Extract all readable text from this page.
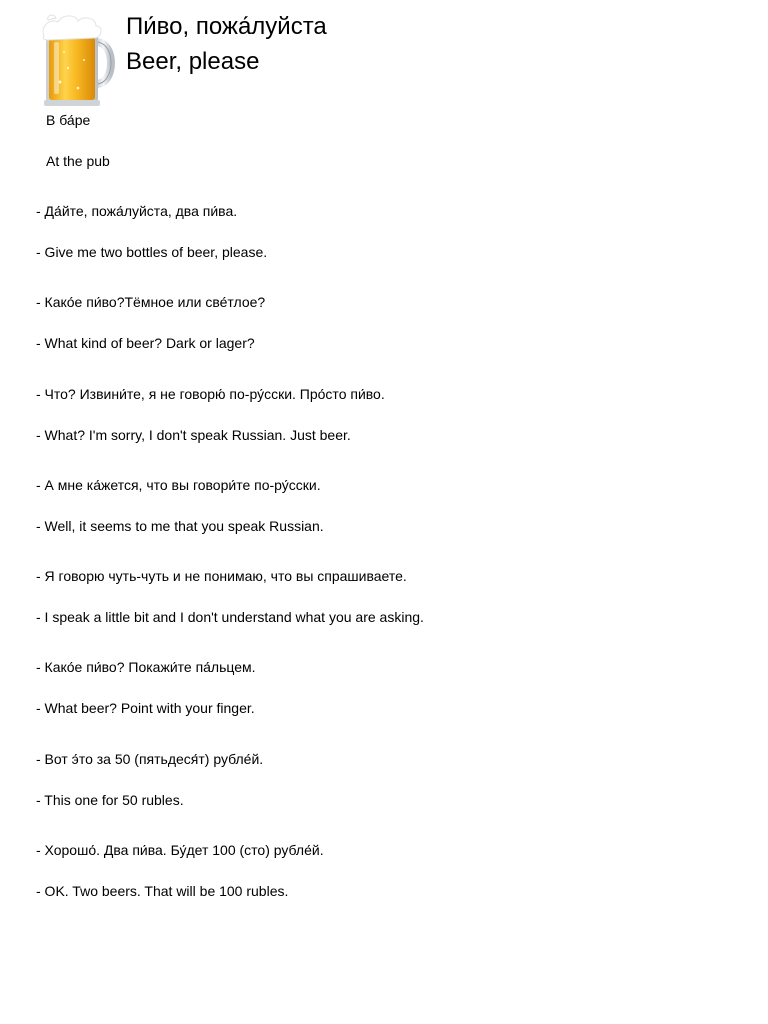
Пи́во, пожа́луйста
Beer, please
В ба́ре
At the pub
- Да́йте, пожа́луйста, два пи́ва.
- Give me two bottles of beer, please.
- Како́е пи́во?Тёмное или све́тлое?
- What kind of beer? Dark or lager?
- Что? Извини́те, я не говорю́ по-ру́сски. Про́сто пи́во.
- What? I'm sorry, I don't speak Russian. Just beer.
- А мне ка́жется, что вы говори́те по-ру́сски.
- Well, it seems to me that you speak Russian.
- Я говорю чуть-чуть и не понимаю, что вы спрашиваете.
- I speak a little bit and I don't understand what you are asking.
- Како́е пи́во? Покажи́те па́льцем.
- What beer? Point with your finger.
- Вот э́то за 50 (пятьдеся́т) рубле́й.
- This one for 50 rubles.
- Хорошо́. Два пи́ва. Бу́дет 100 (сто) рубле́й.
- OK. Two beers. That will be 100 rubles.
